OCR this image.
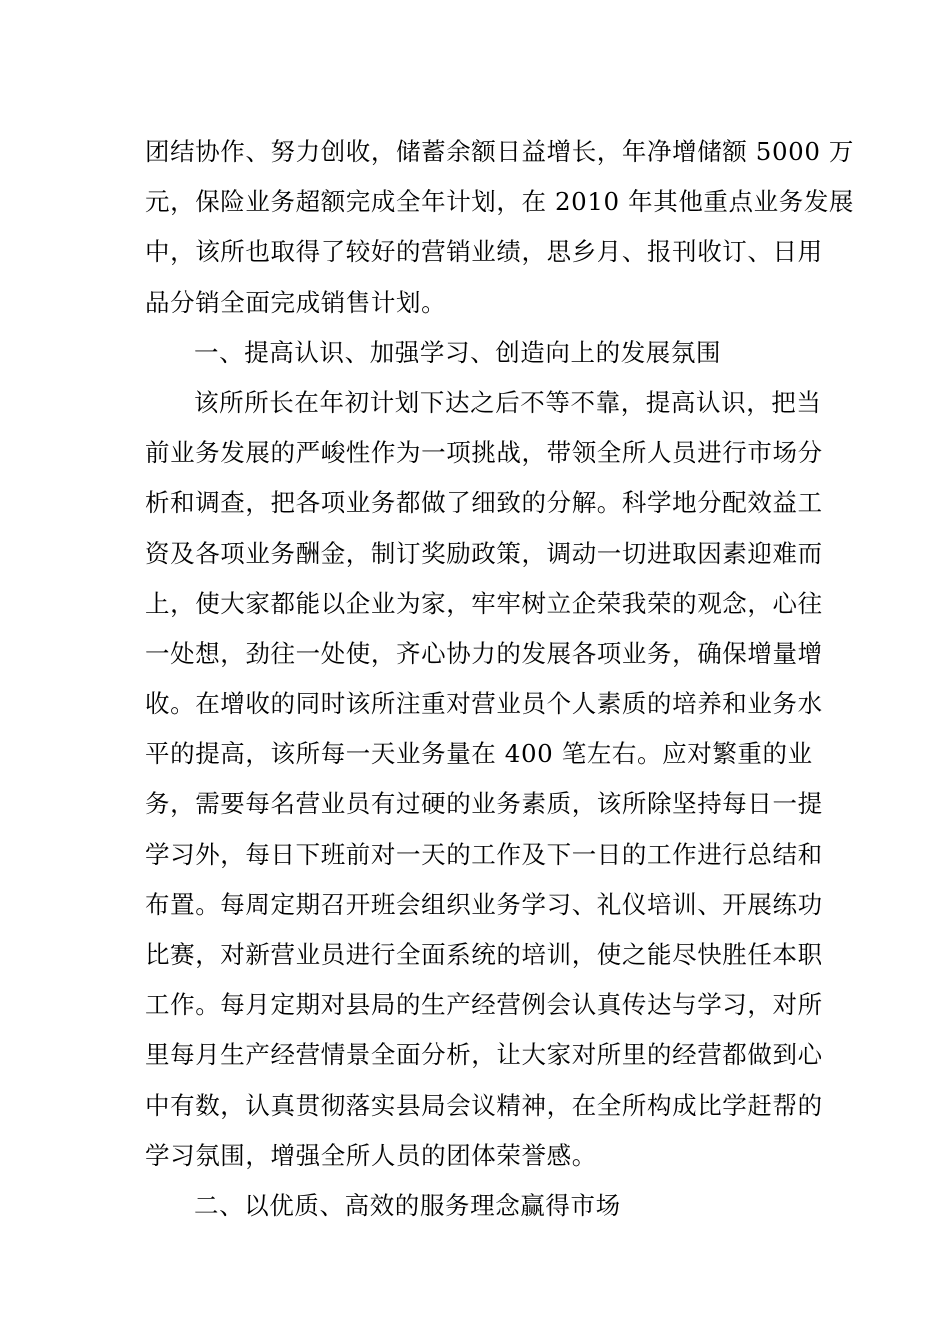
团结协作、努力创收，储蓄余额日益增长，年净增储额 5000 万
元，保险业务超额完成全年计划，在 2010 年其他重点业务发展
中，该所也取得了较好的营销业绩，思乡月、报刊收订、日用
品分销全面完成销售计划。
一、提高认识、加强学习、创造向上的发展氛围
该所所长在年初计划下达之后不等不靠，提高认识，把当
前业务发展的严峻性作为一项挑战，带领全所人员进行市场分
析和调查，把各项业务都做了细致的分解。科学地分配效益工
资及各项业务酬金，制订奖励政策，调动一切进取因素迎难而
上，使大家都能以企业为家，牢牢树立企荣我荣的观念，心往
一处想，劲往一处使，齐心协力的发展各项业务，确保增量增
收。在增收的同时该所注重对营业员个人素质的培养和业务水
平的提高，该所每一天业务量在 400 笔左右。应对繁重的业
务，需要每名营业员有过硬的业务素质，该所除坚持每日一提
学习外，每日下班前对一天的工作及下一日的工作进行总结和
布置。每周定期召开班会组织业务学习、礼仪培训、开展练功
比赛，对新营业员进行全面系统的培训，使之能尽快胜任本职
工作。每月定期对县局的生产经营例会认真传达与学习，对所
里每月生产经营情景全面分析，让大家对所里的经营都做到心
中有数，认真贯彻落实县局会议精神，在全所构成比学赶帮的
学习氛围，增强全所人员的团体荣誉感。
二、以优质、高效的服务理念赢得市场
